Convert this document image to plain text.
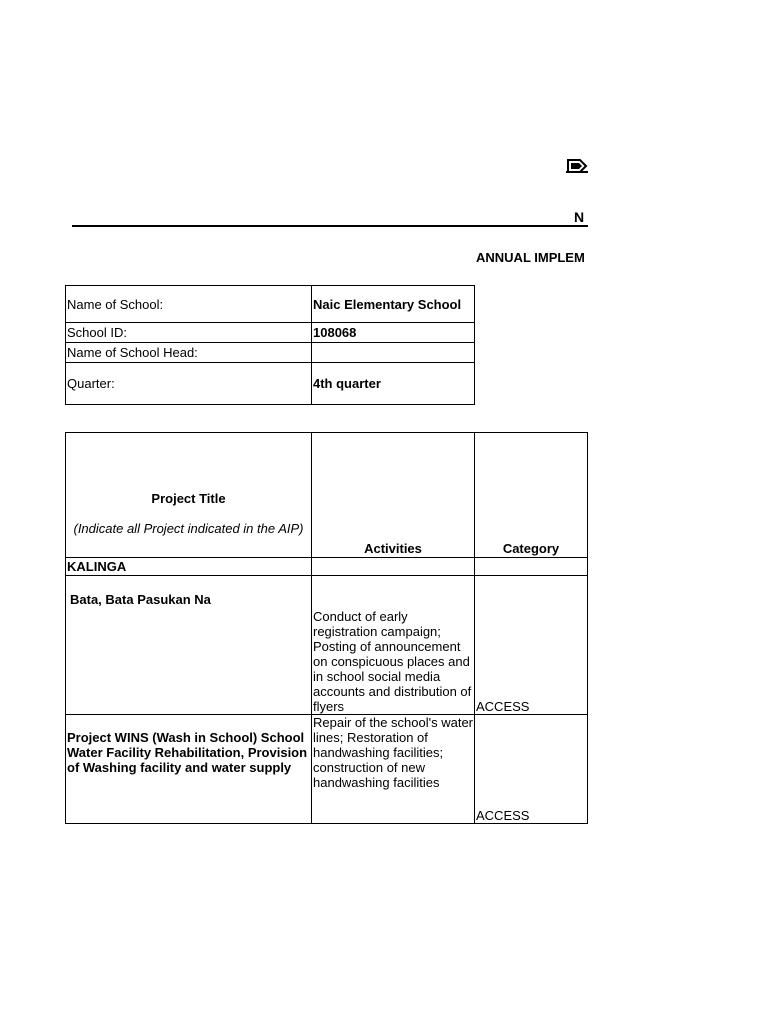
N
ANNUAL IMPLEM
Name of School:	Naic Elementary School
School ID:	108068
Name of School Head:	
Quarter:	4th quarter
Project Title
(Indicate all Project indicated in the AIP)	Activities	Category
KALINGA		
Bata, Bata Pasukan Na	Conduct of early registration campaign; Posting of announcement on conspicuous places and in school social media accounts and distribution of flyers	ACCESS
Project WINS (Wash in School) School Water Facility Rehabilitation, Provision of Washing facility and water supply	Repair of the school's water lines; Restoration of handwashing facilities; construction of new handwashing facilities	ACCESS
